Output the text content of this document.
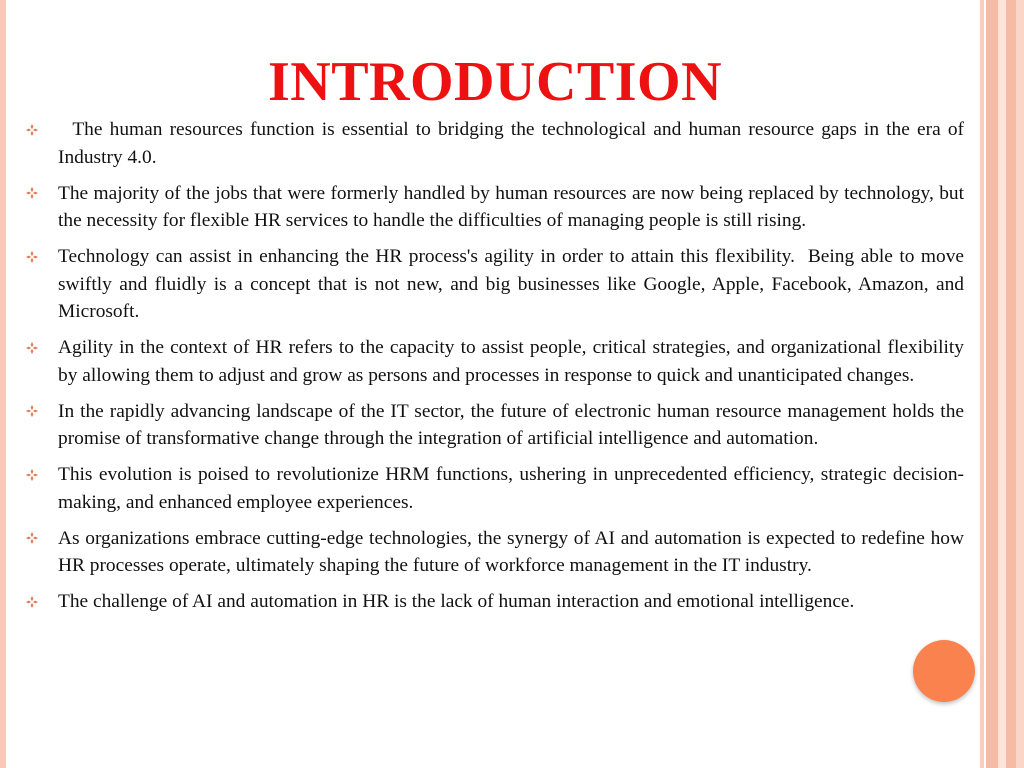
INTRODUCTION
The human resources function is essential to bridging the technological and human resource gaps in the era of Industry 4.0.
The majority of the jobs that were formerly handled by human resources are now being replaced by technology, but the necessity for flexible HR services to handle the difficulties of managing people is still rising.
Technology can assist in enhancing the HR process's agility in order to attain this flexibility.  Being able to move swiftly and fluidly is a concept that is not new, and big businesses like Google, Apple, Facebook, Amazon, and Microsoft.
Agility in the context of HR refers to the capacity to assist people, critical strategies, and organizational flexibility by allowing them to adjust and grow as persons and processes in response to quick and unanticipated changes.
In the rapidly advancing landscape of the IT sector, the future of electronic human resource management holds the promise of transformative change through the integration of artificial intelligence and automation.
This evolution is poised to revolutionize HRM functions, ushering in unprecedented efficiency, strategic decision-making, and enhanced employee experiences.
As organizations embrace cutting-edge technologies, the synergy of AI and automation is expected to redefine how HR processes operate, ultimately shaping the future of workforce management in the IT industry.
The challenge of AI and automation in HR is the lack of human interaction and emotional intelligence.
